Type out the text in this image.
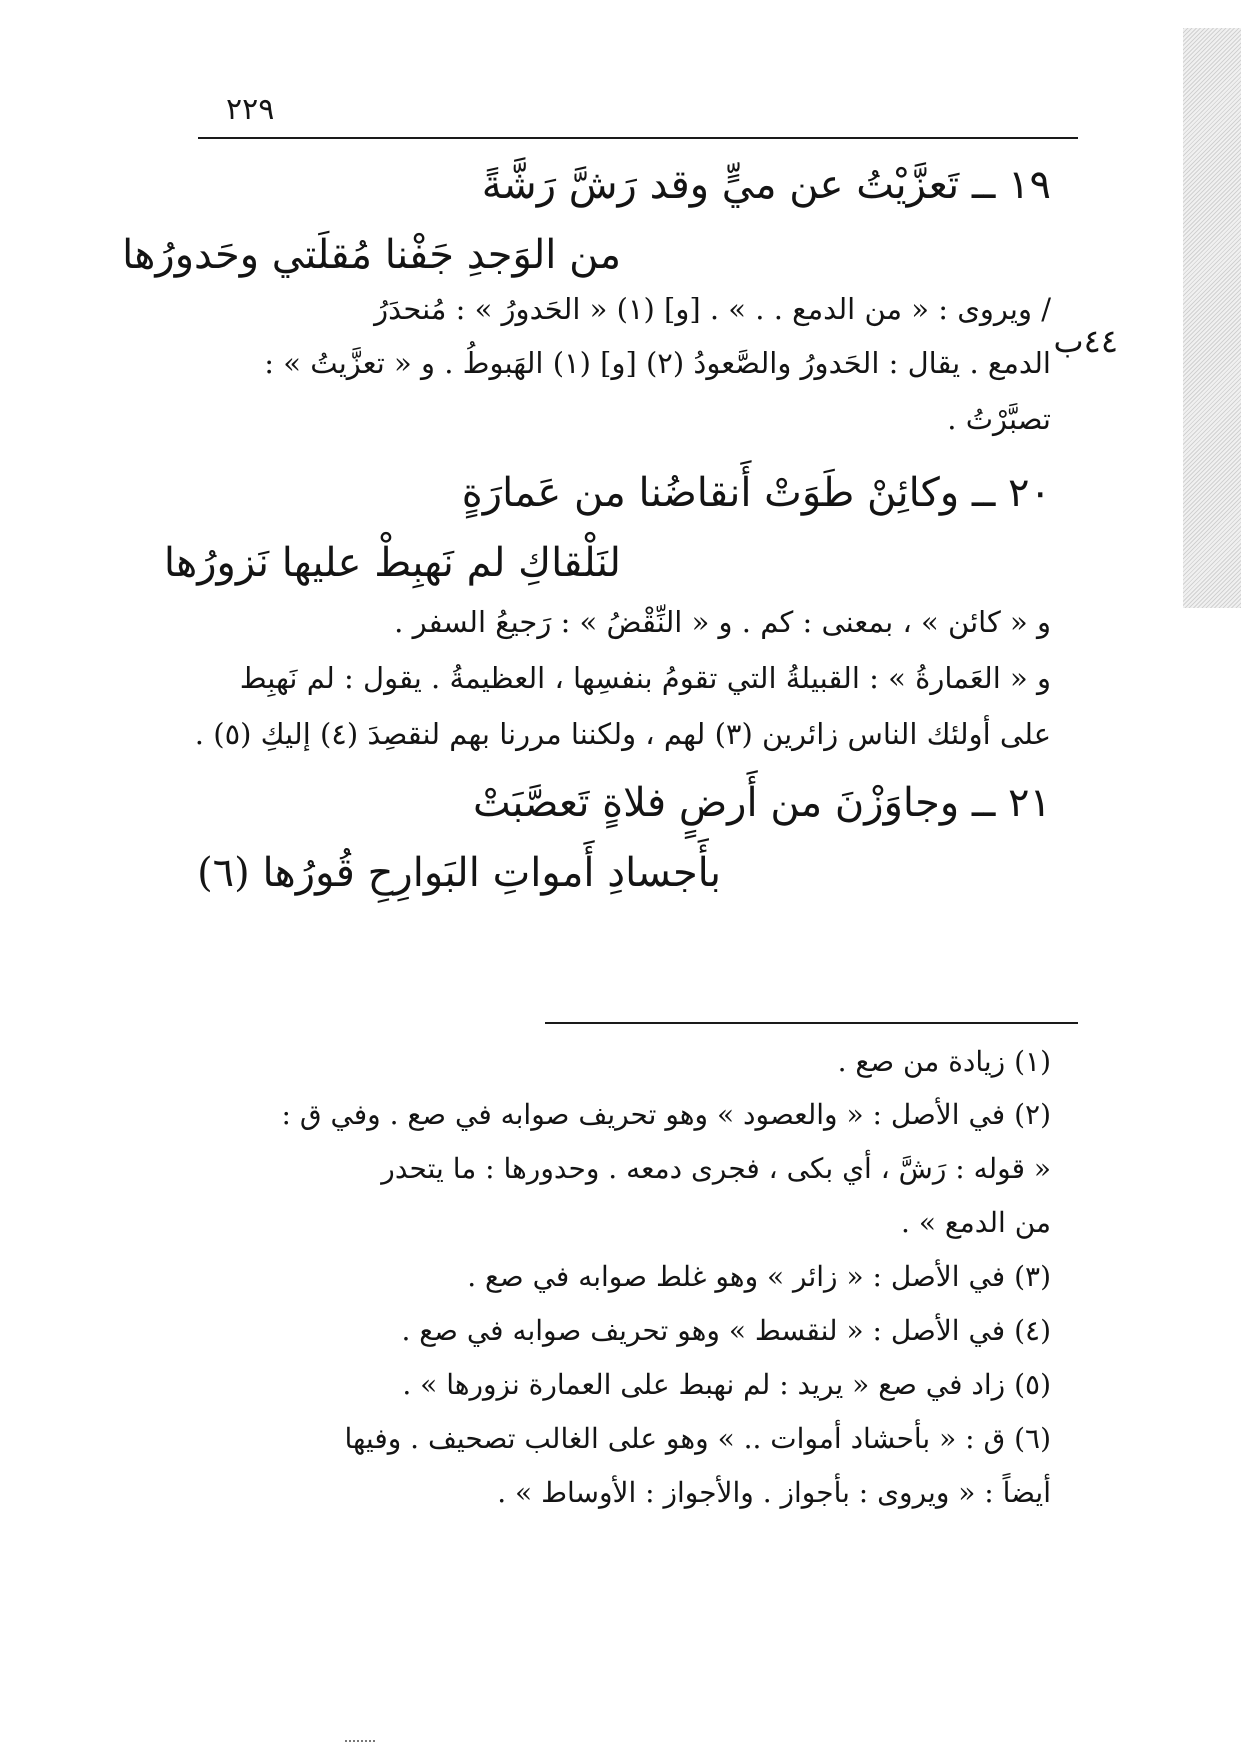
٢٢٩
٤٤ب
١٩ ــ تَعزَّيْتُ عن ميٍّ وقد رَشَّ رَشَّةً
من الوَجدِ جَفْنا مُقلَتي وحَدورُها
/ ويروى : « من الدمع . . » . [و] (١) « الحَدورُ » : مُنحدَرُ
الدمع . يقال : الحَدورُ والصَّعودُ (٢) [و] (١) الهَبوطُ . و « تعزَّيتُ » :
تصبَّرْتُ .
٢٠ ــ وكائِنْ طَوَتْ أَنقاضُنا من عَمارَةٍ
لنَلْقاكِ لم نَهبِطْ عليها نَزورُها
و « كائن » ، بمعنى : كم . و « النِّقْضُ » : رَجيعُ السفر .
و « العَمارةُ » : القبيلةُ التي تقومُ بنفسِها ، العظيمةُ . يقول : لم نَهبِط
على أولئك الناس زائرين (٣) لهم ، ولكننا مررنا بهم لنقصِدَ (٤) إليكِ (٥) .
٢١ ــ وجاوَزْنَ من أَرضٍ فلاةٍ تَعصَّبَتْ
بأَجسادِ أَمواتِ البَوارِحِ قُورُها (٦)
(١) زيادة من صع .
(٢) في الأصل : « والعصود » وهو تحريف صوابه في صع . وفي ق :
« قوله : رَشَّ ، أي بكى ، فجرى دمعه . وحدورها : ما يتحدر
من الدمع » .
(٣) في الأصل : « زائر » وهو غلط صوابه في صع .
(٤) في الأصل : « لنقسط » وهو تحريف صوابه في صع .
(٥) زاد في صع « يريد : لم نهبط على العمارة نزورها » .
(٦) ق : « بأحشاد أموات .. » وهو على الغالب تصحيف . وفيها
أيضاً : « ويروى : بأجواز . والأجواز : الأوساط » .
